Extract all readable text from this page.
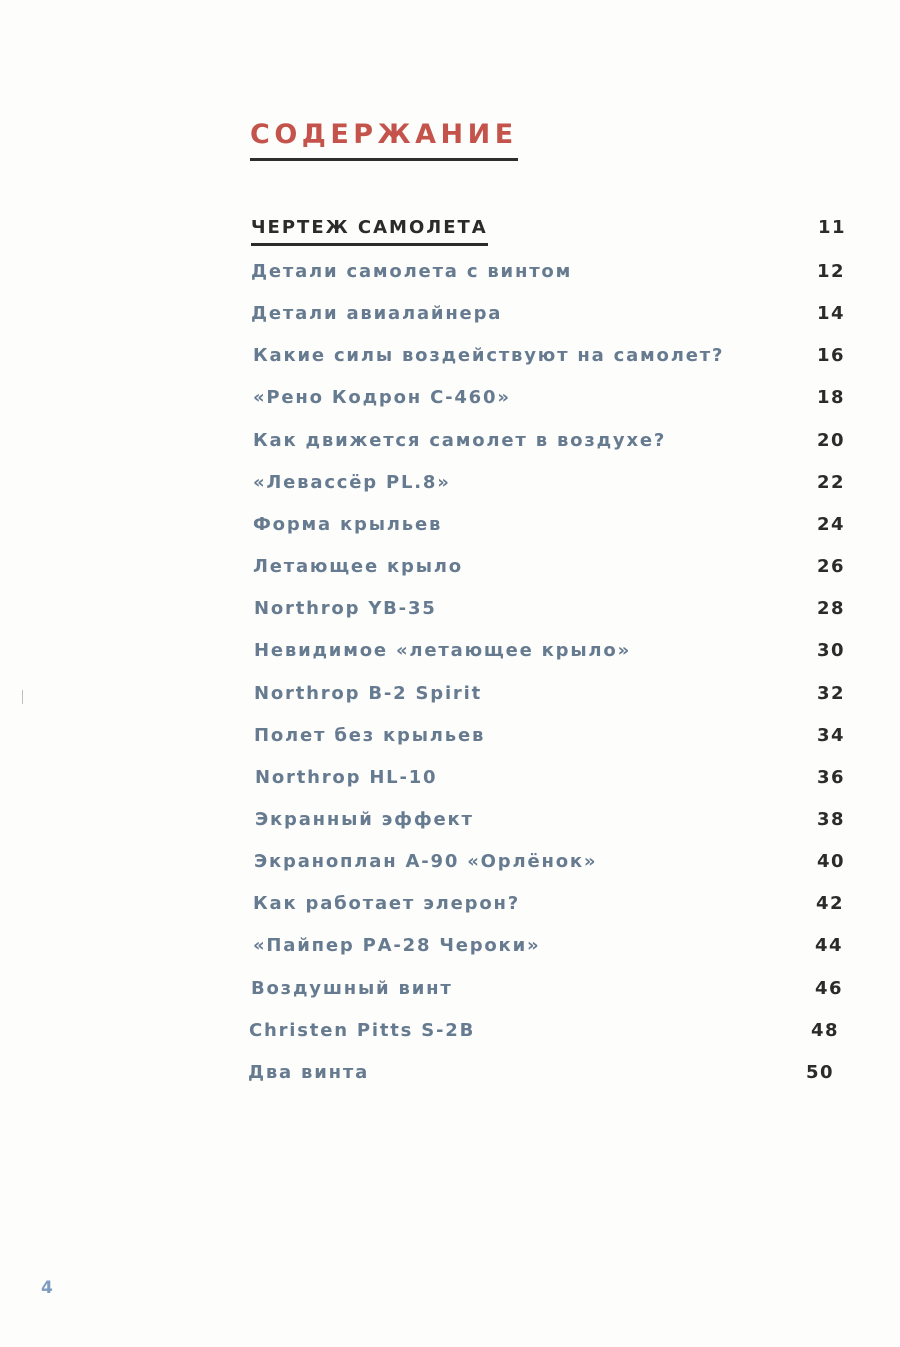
СОДЕРЖАНИЕ
ЧЕРТЕЖ САМОЛЕТА	11
Детали самолета с винтом	12
Детали авиалайнера	14
Какие силы воздействуют на самолет?	16
«Рено Кодрон С-460»	18
Как движется самолет в воздухе?	20
«Левассёр PL.8»	22
Форма крыльев	24
Летающее крыло	26
Northrop YB-35	28
Невидимое «летающее крыло»	30
Northrop B-2 Spirit	32
Полет без крыльев	34
Northrop HL-10	36
Экранный эффект	38
Экраноплан А-90 «Орлёнок»	40
Как работает элерон?	42
«Пайпер РА-28 Чероки»	44
Воздушный винт	46
Christen Pitts S-2B	48
Два винта	50
4
